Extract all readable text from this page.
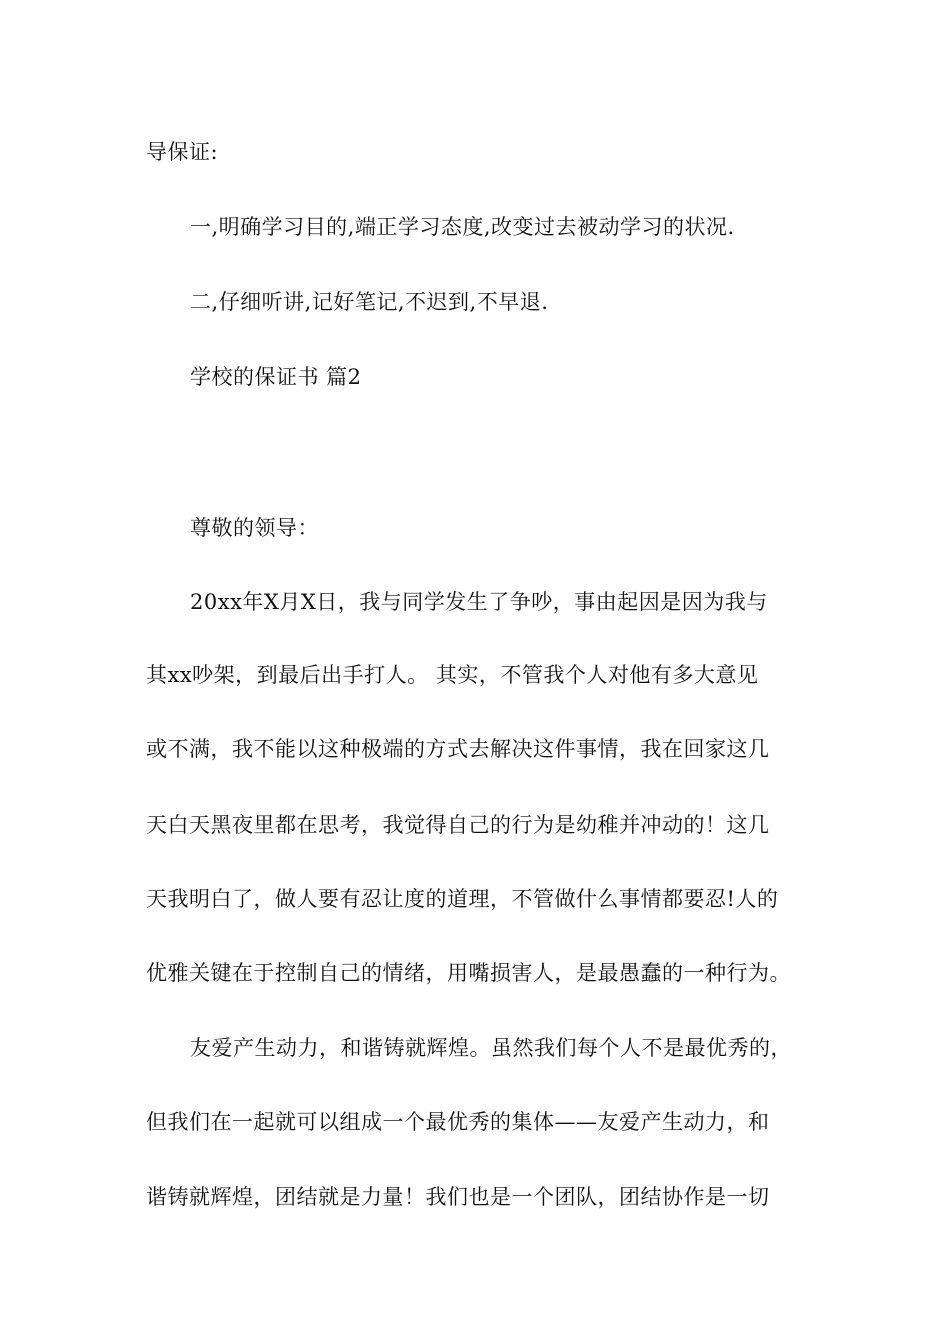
导保证:
一,明确学习目的,端正学习态度,改变过去被动学习的状况.
二,仔细听讲,记好笔记,不迟到,不早退.
学校的保证书 篇2
尊敬的领导：
20xx年X月X日，我与同学发生了争吵，事由起因是因为我与
其xx吵架，到最后出手打人。 其实，不管我个人对他有多大意见
或不满，我不能以这种极端的方式去解决这件事情，我在回家这几
天白天黑夜里都在思考，我觉得自己的行为是幼稚并冲动的！这几
天我明白了，做人要有忍让度的道理，不管做什么事情都要忍!人的
优雅关键在于控制自己的情绪，用嘴损害人，是最愚蠢的一种行为。
友爱产生动力，和谐铸就辉煌。虽然我们每个人不是最优秀的，
但我们在一起就可以组成一个最优秀的集体——友爱产生动力，和
谐铸就辉煌，团结就是力量！我们也是一个团队，团结协作是一切
